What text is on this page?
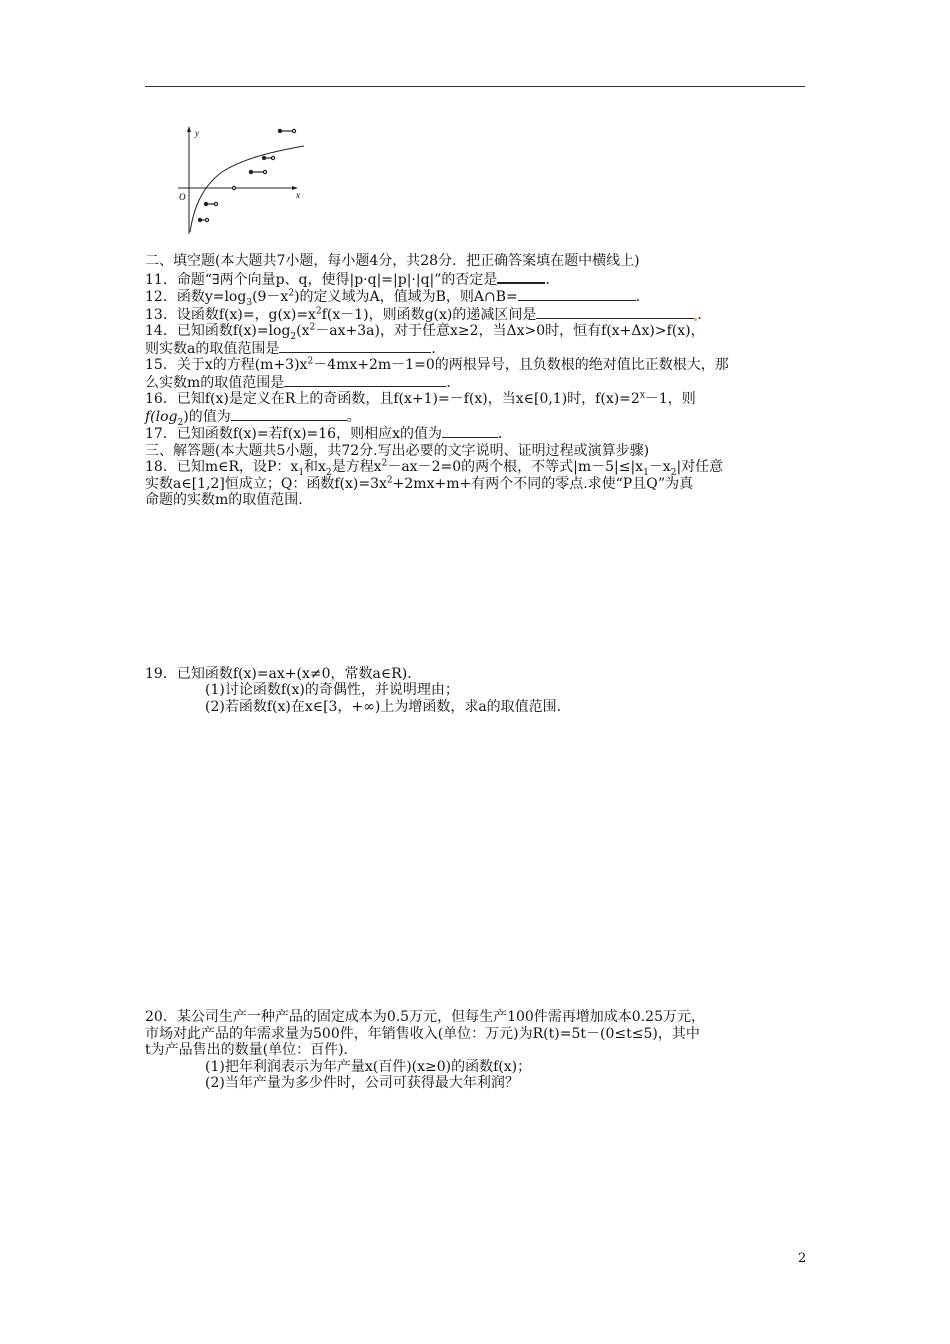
y
x
O
二、填空题(本大题共7小题，每小题4分，共28分．把正确答案填在题中横线上)
11．命题“∃两个向量p、q，使得|p·q|=|p|·|q|”的否定是	．
12．函数$y=\log_3(9-x^2)$的定义域为A，值域为B，则A∩B=	．
13．设函数f(x)=，$g(x)=x^2f(x-1)$，则函数g(x)的递减区间是	．
14．已知函数$f(x)=\log_2(x^2-ax+3a)$，对于任意x≥2，当Δx>0时，恒有f(x+Δx)>f(x)，
则实数a的取值范围是	．
15．关于x的方程$(m+3)x^2-4mx+2m-1=0$的两根异号，且负数根的绝对值比正数根大，那
么实数m的取值范围是	．
16．已知f(x)是定义在R上的奇函数，且f(x+1)=－f(x)，当x∈[0,1)时，$f(x)=2^x-1$，则
$f(\log_2)$的值为	。
17．已知函数f(x)=若f(x)=16，则相应x的值为	．
三、解答题(本大题共5小题，共72分.写出必要的文字说明、证明过程或演算步骤)
18．已知m∈R，设P：$x_1$和$x_2$是方程$x^2-ax-2=0$的两个根，不等式$|m-5|\le|x_1-x_2|$对任意
实数a∈[1,2]恒成立；Q：函数$f(x)=3x^2+2mx+m+$有两个不同的零点.求使“P且Q”为真
命题的实数m的取值范围.
19．已知函数f(x)=ax+(x≠0，常数a∈R)．
(1)讨论函数f(x)的奇偶性，并说明理由；
(2)若函数f(x)在x∈[3，+∞)上为增函数，求a的取值范围．
20．某公司生产一种产品的固定成本为0.5万元，但每生产100件需再增加成本0.25万元，
市场对此产品的年需求量为500件，年销售收入(单位：万元)为R(t)=5t－(0≤t≤5)，其中
t为产品售出的数量(单位：百件)．
(1)把年利润表示为年产量x(百件)(x≥0)的函数f(x)；
(2)当年产量为多少件时，公司可获得最大年利润？
2
